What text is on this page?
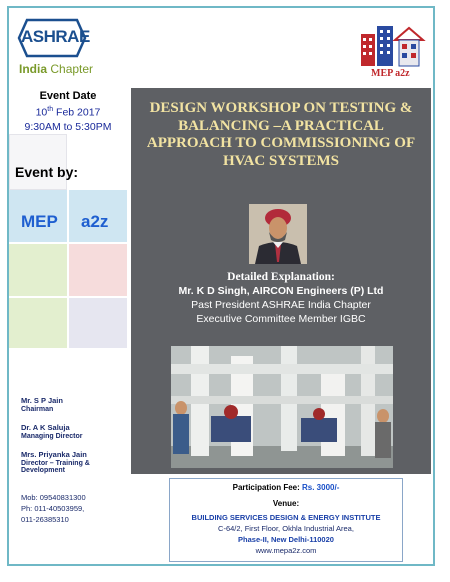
ASHRAE
India Chapter	MEP a2z
Event Date
10th Feb 2017
9:30AM to 5:30PM
Event by:
MEP a2z
Mr. S P Jain
Chairman
Dr. A K Saluja
Managing Director
Mrs. Priyanka Jain
Director – Training & Development
Mob: 09540831300
Ph: 011-40503959,
011-26385310
DESIGN WORKSHOP ON TESTING & BALANCING –A PRACTICAL APPROACH TO COMMISSIONING OF HVAC SYSTEMS
Detailed Explanation:
Mr. K D Singh, AIRCON Engineers (P) Ltd
Past President ASHRAE India Chapter
Executive Committee Member IGBC
Participation Fee: Rs. 3000/-
Venue:
BUILDING SERVICES DESIGN & ENERGY INSTITUTE
C-64/2, First Floor, Okhla Industrial Area,
Phase-II, New Delhi-110020
www.mepa2z.com
